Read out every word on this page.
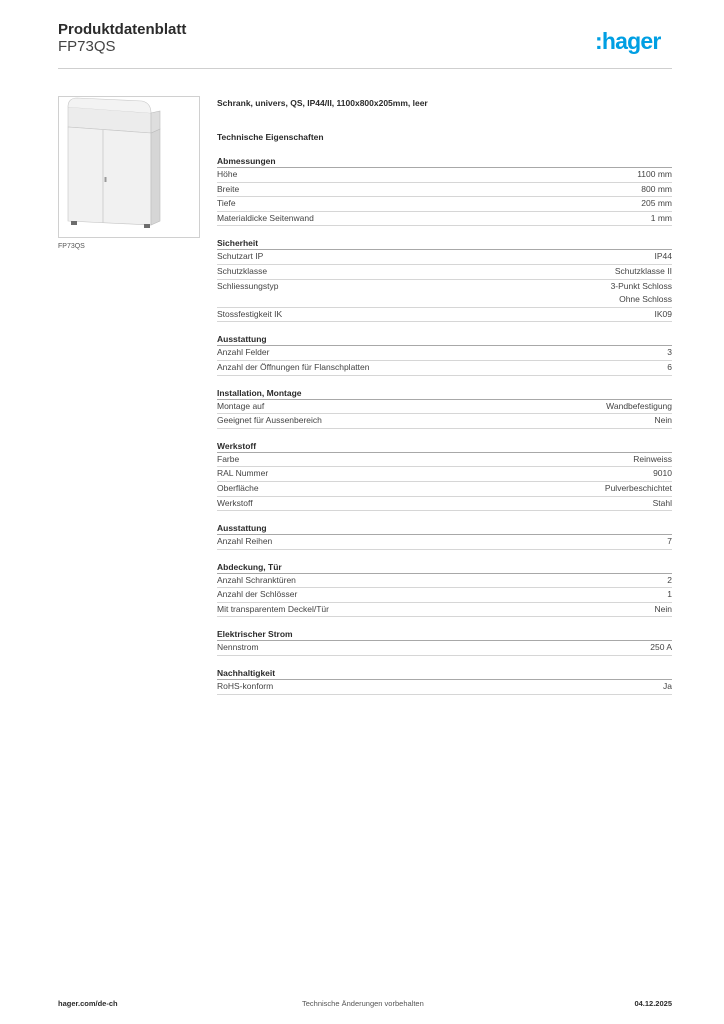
Produktdatenblatt
FP73QS	:hager
FP73QS
Schrank, univers, QS, IP44/II, 1100x800x205mm, leer
Technische Eigenschaften
Abmessungen
Höhe	1100 mm
Breite	800 mm
Tiefe	205 mm
Materialdicke Seitenwand	1 mm
Sicherheit
Schutzart IP	IP44
Schutzklasse	Schutzklasse II
Schliessungstyp	3-Punkt Schloss
Ohne Schloss
Stossfestigkeit IK	IK09
Ausstattung
Anzahl Felder	3
Anzahl der Öffnungen für Flanschplatten	6
Installation, Montage
Montage auf	Wandbefestigung
Geeignet für Aussenbereich	Nein
Werkstoff
Farbe	Reinweiss
RAL Nummer	9010
Oberfläche	Pulverbeschichtet
Werkstoff	Stahl
Ausstattung
Anzahl Reihen	7
Abdeckung, Tür
Anzahl Schranktüren	2
Anzahl der Schlösser	1
Mit transparentem Deckel/Tür	Nein
Elektrischer Strom
Nennstrom	250 A
Nachhaltigkeit
RoHS-konform	Ja
hager.com/de-ch	Technische Änderungen vorbehalten	04.12.2025
